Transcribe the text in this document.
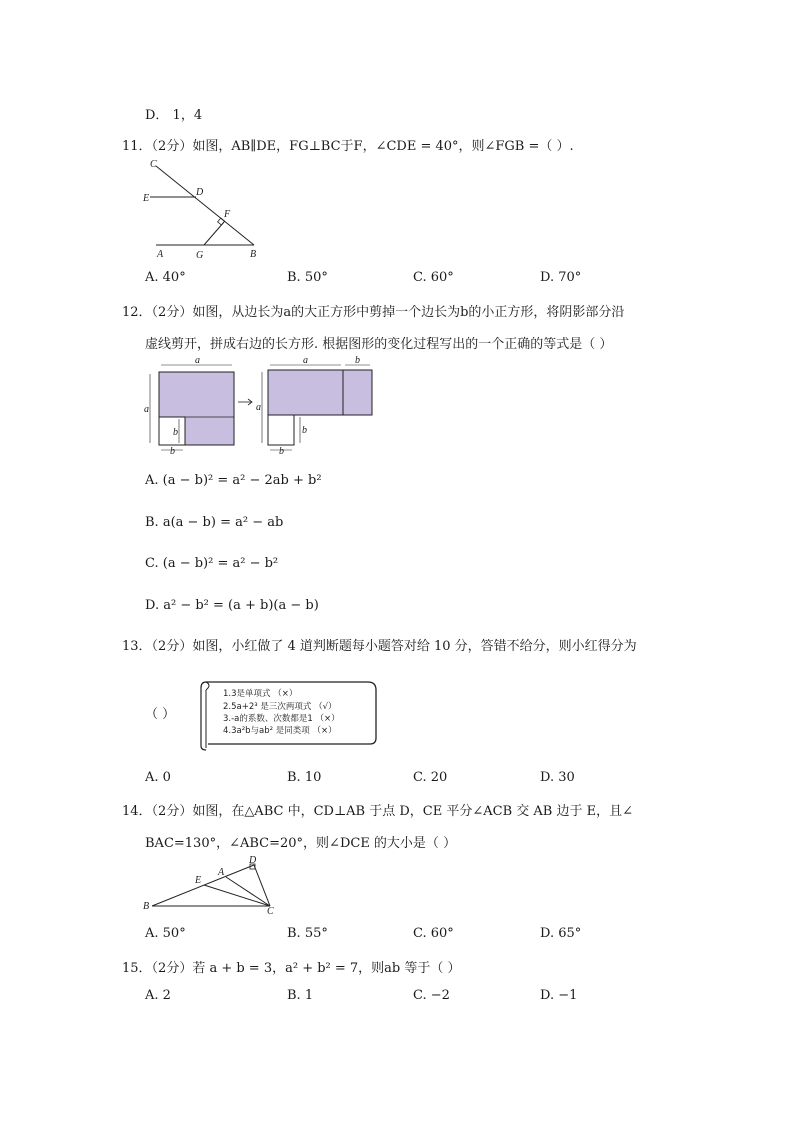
D． 1，4
11．（2分）如图，AB∥DE，FG⊥BC于F，∠CDE = 40°，则∠FGB =（ ）.
C
D
E
F
A	G	B
A. 40°	B. 50°	C. 60°	D. 70°
12．（2分）如图，从边长为a的大正方形中剪掉一个边长为b的小正方形，将阴影部分沿
虚线剪开，拼成右边的长方形. 根据图形的变化过程写出的一个正确的等式是（ ）
a
a
b
b
a	b
a
b
b
A. (a − b)² = a² − 2ab + b²
B. a(a − b) = a² − ab
C. (a − b)² = a² − b²
D. a² − b² = (a + b)(a − b)
13．（2分）如图，小红做了 4 道判断题每小题答对给 10 分，答错不给分，则小红得分为
（ ）
1.3是单项式 （×）
2.5a+2³ 是三次两项式 （√）
3.-a的系数、次数都是1 （×）
4.3a²b与ab² 是同类项 （×）
A. 0	B. 10	C. 20	D. 30
14．（2分）如图，在△ABC 中，CD⊥AB 于点 D，CE 平分∠ACB 交 AB 边于 E，且∠
BAC=130°，∠ABC=20°，则∠DCE 的大小是（ ）
D
A
E
B	C
A. 50°	B. 55°	C. 60°	D. 65°
15．（2分）若 a + b = 3，a² + b² = 7，则ab 等于（ ）
A. 2	B. 1	C. −2	D. −1
